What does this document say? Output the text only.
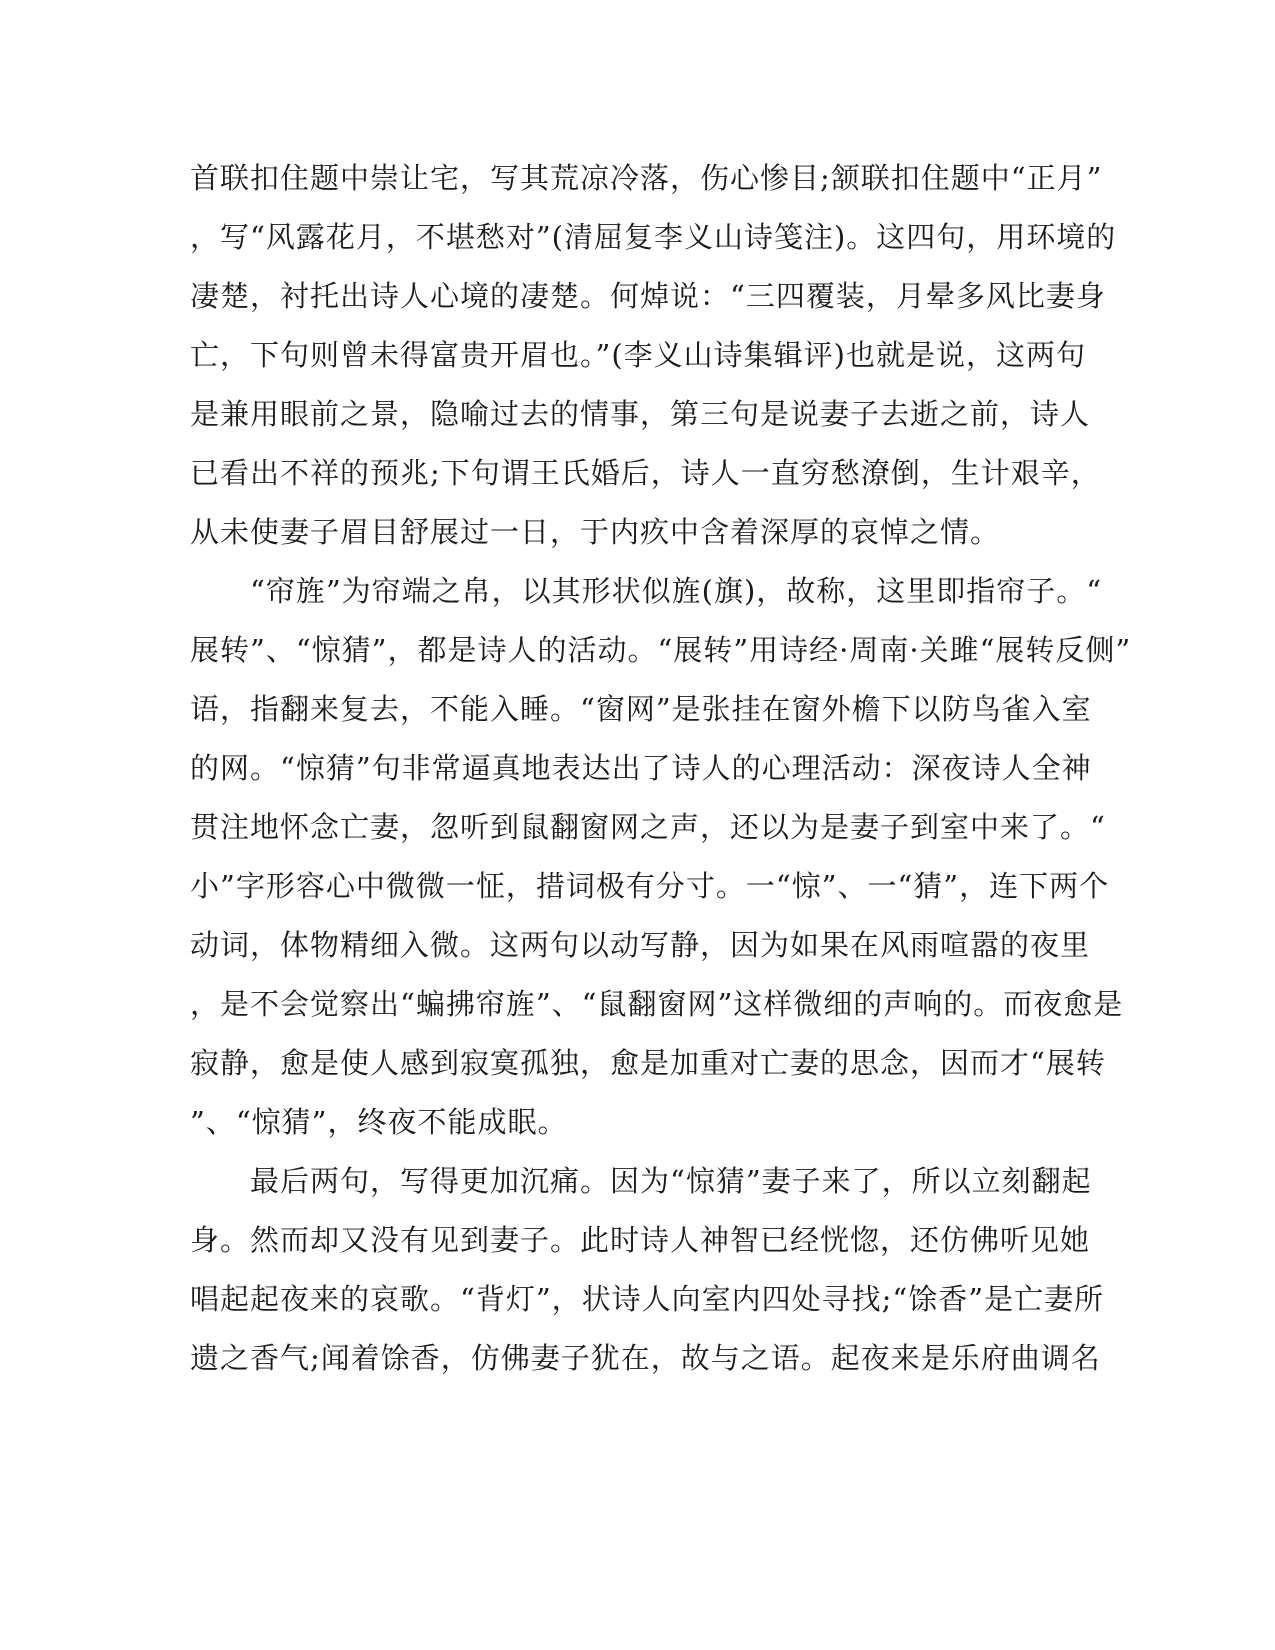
首联扣住题中崇让宅，写其荒凉冷落，伤心惨目;颔联扣住题中“正月”
，写“风露花月，不堪愁对”(清屈复李义山诗笺注)。这四句，用环境的
凄楚，衬托出诗人心境的凄楚。何焯说：“三四覆装，月晕多风比妻身
亡，下句则曾未得富贵开眉也。”(李义山诗集辑评)也就是说，这两句
是兼用眼前之景，隐喻过去的情事，第三句是说妻子去逝之前，诗人
已看出不祥的预兆;下句谓王氏婚后，诗人一直穷愁潦倒，生计艰辛，
从未使妻子眉目舒展过一日，于内疚中含着深厚的哀悼之情。
“帘旌”为帘端之帛，以其形状似旌(旗)，故称，这里即指帘子。“
展转”、“惊猜”，都是诗人的活动。“展转”用诗经·周南·关雎“展转反侧”
语，指翻来复去，不能入睡。“窗网”是张挂在窗外檐下以防鸟雀入室
的网。“惊猜”句非常逼真地表达出了诗人的心理活动：深夜诗人全神
贯注地怀念亡妻，忽听到鼠翻窗网之声，还以为是妻子到室中来了。“
小”字形容心中微微一怔，措词极有分寸。一“惊”、一“猜”，连下两个
动词，体物精细入微。这两句以动写静，因为如果在风雨喧嚣的夜里
，是不会觉察出“蝙拂帘旌”、“鼠翻窗网”这样微细的声响的。而夜愈是
寂静，愈是使人感到寂寞孤独，愈是加重对亡妻的思念，因而才“展转
”、“惊猜”，终夜不能成眠。
最后两句，写得更加沉痛。因为“惊猜”妻子来了，所以立刻翻起
身。然而却又没有见到妻子。此时诗人神智已经恍惚，还仿佛听见她
唱起起夜来的哀歌。“背灯”，状诗人向室内四处寻找;“馀香”是亡妻所
遗之香气;闻着馀香，仿佛妻子犹在，故与之语。起夜来是乐府曲调名
